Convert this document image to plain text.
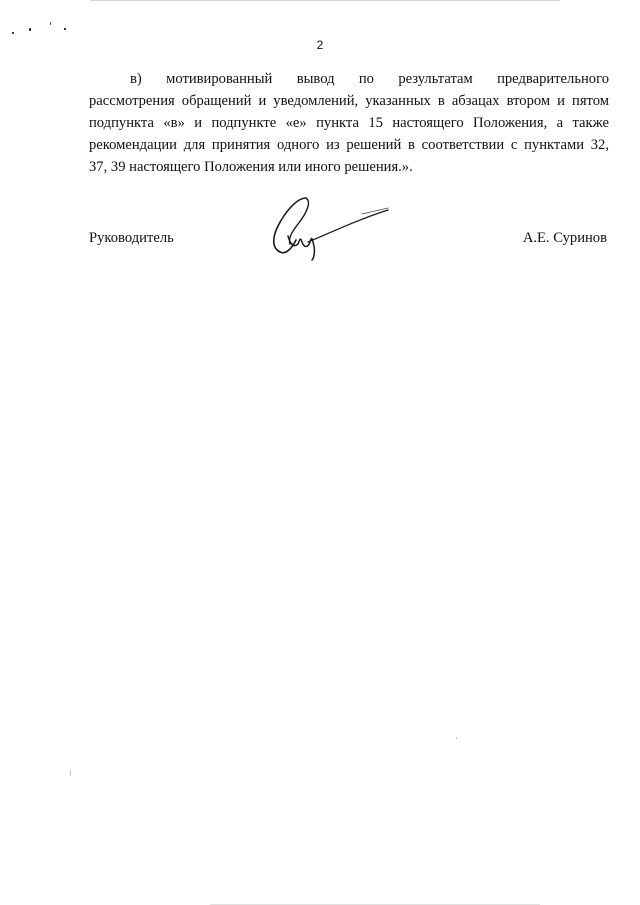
2
в) мотивированный вывод по результатам предварительного
рассмотрения обращений и уведомлений, указанных в абзацах втором и пятом
подпункта «в» и подпункте «е» пункта 15 настоящего Положения, а также
рекомендации для принятия одного из решений в соответствии с пунктами 32,
37, 39 настоящего Положения или иного решения.».
Руководитель	А.Е. Суринов
